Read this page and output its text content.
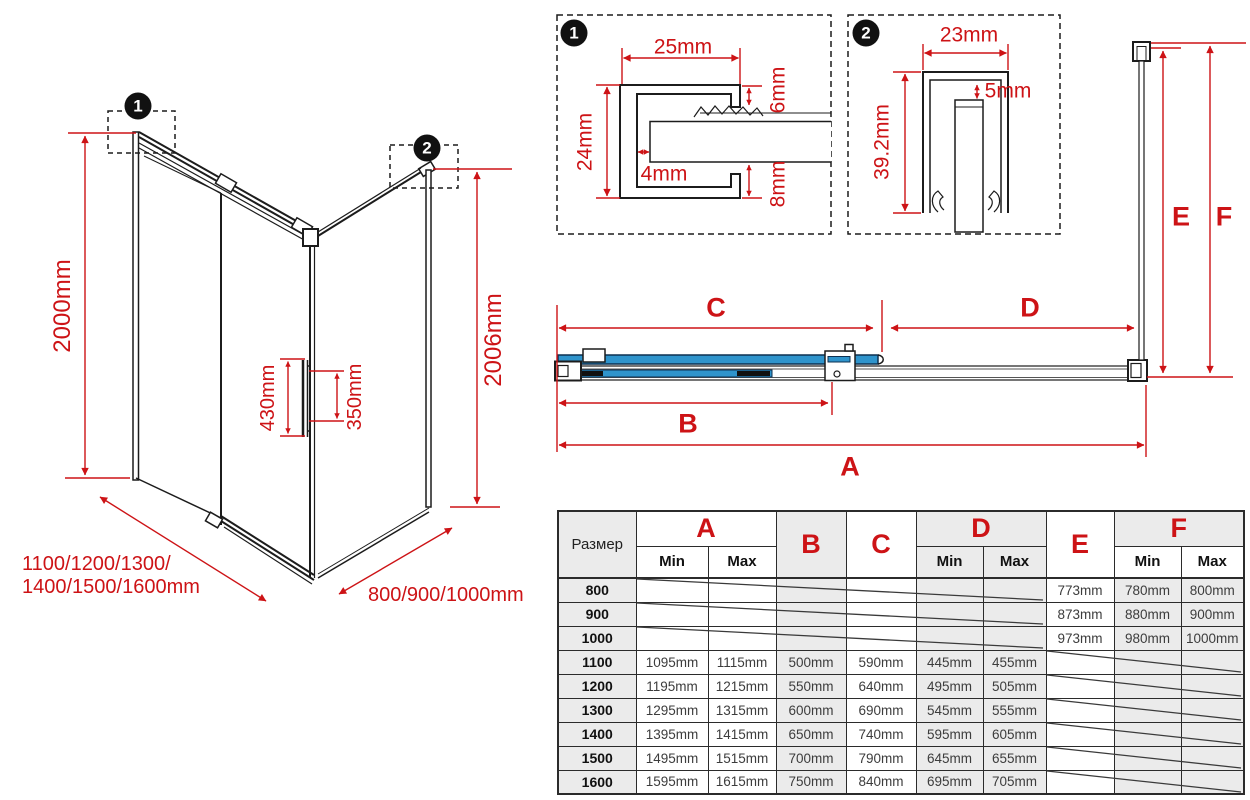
Размер	A		B	C	D		E	F	
	Min	Max			Min	Max		Min	Max
800							773mm	780mm	800mm
900							873mm	880mm	900mm
1000							973mm	980mm	1000mm
1100	1095mm	1115mm	500mm	590mm	445mm	455mm			
1200	1195mm	1215mm	550mm	640mm	495mm	505mm			
1300	1295mm	1315mm	600mm	690mm	545mm	555mm			
1400	1395mm	1415mm	650mm	740mm	595mm	605mm			
1500	1495mm	1515mm	700mm	790mm	645mm	655mm			
1600	1595mm	1615mm	750mm	840mm	695mm	705mm			
1
2
1	2
2000mm	2006mm
430mm	350mm
1100/1200/1300/
1400/1500/1600mm	800/900/1000mm
25mm
24mm
6mm
8mm
4mm
23mm
39.2mm
5mm
C	D
B
A
E F
